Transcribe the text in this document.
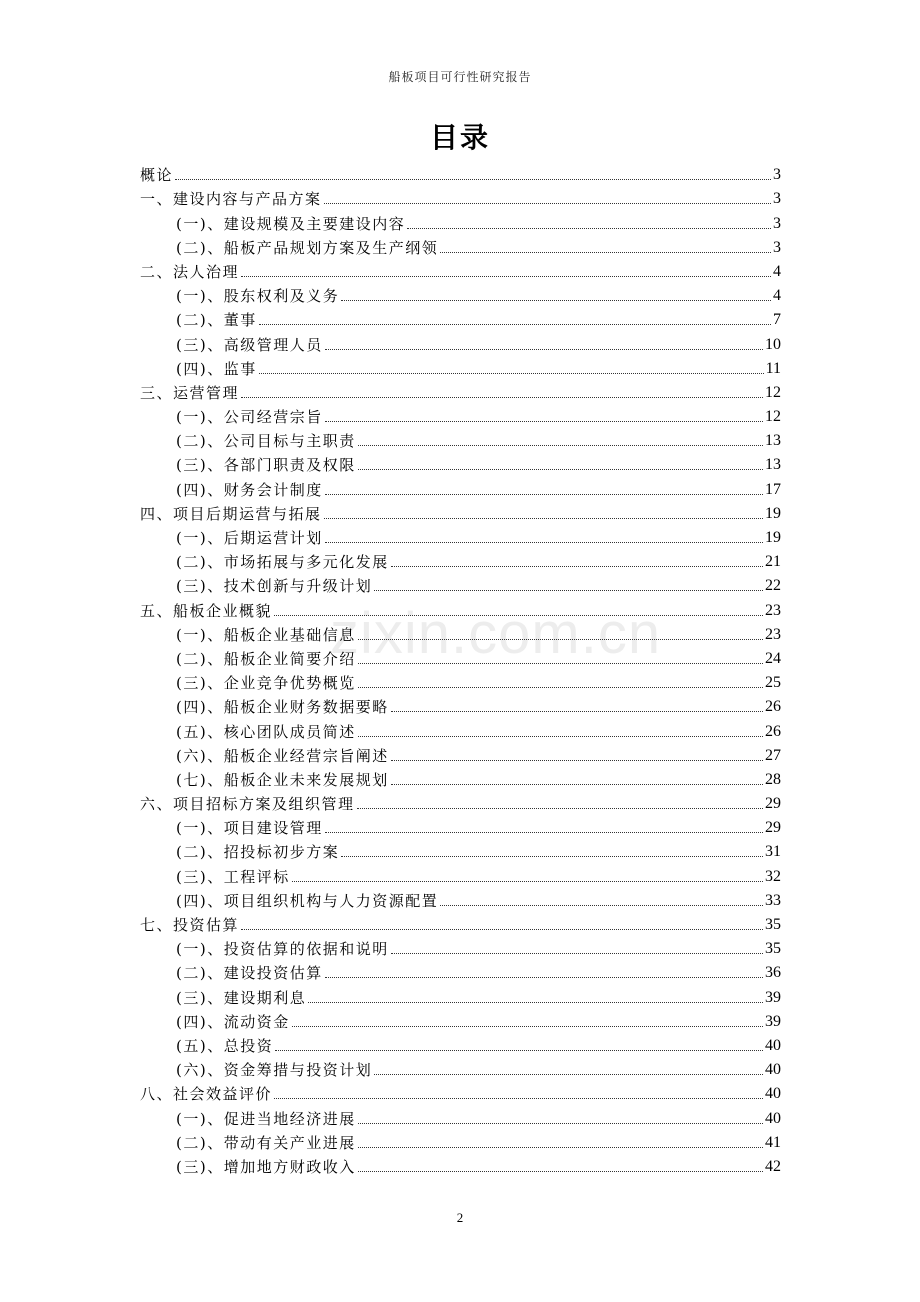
船板项目可行性研究报告
目录
zixin.com.cn
概论	3
一、建设内容与产品方案	3
(一)、建设规模及主要建设内容	3
(二)、船板产品规划方案及生产纲领	3
二、法人治理	4
(一)、股东权利及义务	4
(二)、董事	7
(三)、高级管理人员	10
(四)、监事	11
三、运营管理	12
(一)、公司经营宗旨	12
(二)、公司目标与主职责	13
(三)、各部门职责及权限	13
(四)、财务会计制度	17
四、项目后期运营与拓展	19
(一)、后期运营计划	19
(二)、市场拓展与多元化发展	21
(三)、技术创新与升级计划	22
五、船板企业概貌	23
(一)、船板企业基础信息	23
(二)、船板企业简要介绍	24
(三)、企业竞争优势概览	25
(四)、船板企业财务数据要略	26
(五)、核心团队成员简述	26
(六)、船板企业经营宗旨阐述	27
(七)、船板企业未来发展规划	28
六、项目招标方案及组织管理	29
(一)、项目建设管理	29
(二)、招投标初步方案	31
(三)、工程评标	32
(四)、项目组织机构与人力资源配置	33
七、投资估算	35
(一)、投资估算的依据和说明	35
(二)、建设投资估算	36
(三)、建设期利息	39
(四)、流动资金	39
(五)、总投资	40
(六)、资金筹措与投资计划	40
八、社会效益评价	40
(一)、促进当地经济进展	40
(二)、带动有关产业进展	41
(三)、增加地方财政收入	42
2
